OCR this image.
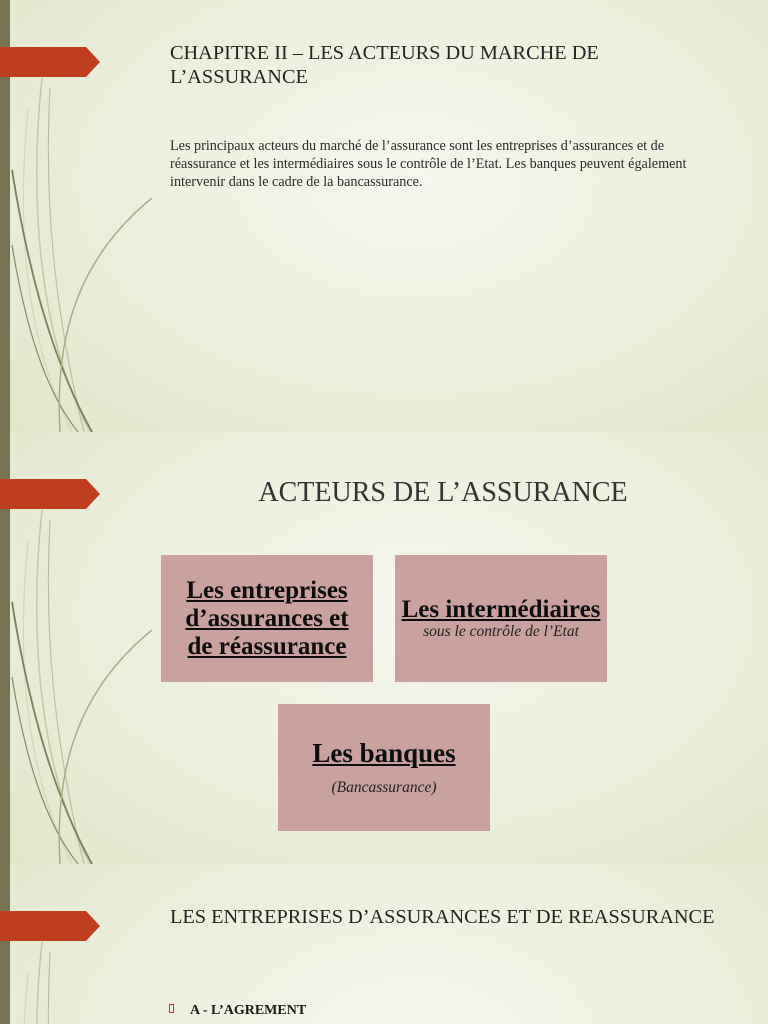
CHAPITRE II – LES ACTEURS DU MARCHE DE L’ASSURANCE
Les principaux acteurs du marché de l’assurance sont les entreprises d’assurances et de réassurance et les intermédiaires sous le contrôle de l’Etat. Les banques peuvent également intervenir dans le cadre de la bancassurance.
ACTEURS DE L’ASSURANCE
Les entreprises d’assurances et de réassurance
Les intermédiaires
sous le contrôle de l’Etat
Les banques
(Bancassurance)
LES ENTREPRISES D’ASSURANCES ET DE REASSURANCE
A - L’AGREMENT
